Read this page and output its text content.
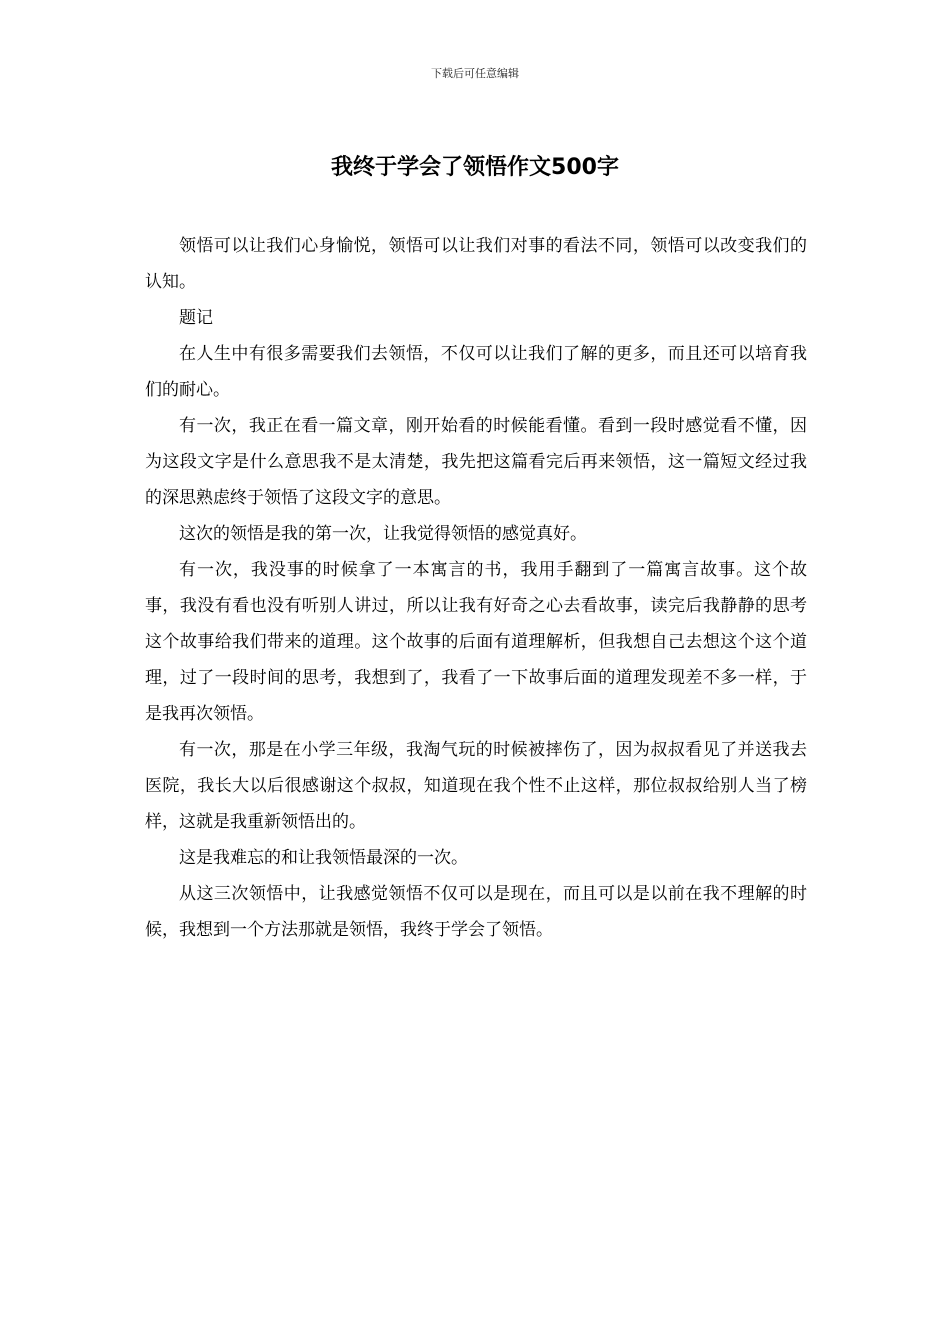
下载后可任意编辑
我终于学会了领悟作文500字

领悟可以让我们心身愉悦，领悟可以让我们对事的看法不同，领悟可以改变我们的认知。

题记

在人生中有很多需要我们去领悟，不仅可以让我们了解的更多，而且还可以培育我们的耐心。

有一次，我正在看一篇文章，刚开始看的时候能看懂。看到一段时感觉看不懂，因为这段文字是什么意思我不是太清楚，我先把这篇看完后再来领悟，这一篇短文经过我的深思熟虑终于领悟了这段文字的意思。

这次的领悟是我的第一次，让我觉得领悟的感觉真好。

有一次，我没事的时候拿了一本寓言的书，我用手翻到了一篇寓言故事。这个故事，我没有看也没有听别人讲过，所以让我有好奇之心去看故事，读完后我静静的思考这个故事给我们带来的道理。这个故事的后面有道理解析，但我想自己去想这个这个道理，过了一段时间的思考，我想到了，我看了一下故事后面的道理发现差不多一样，于是我再次领悟。

有一次，那是在小学三年级，我淘气玩的时候被摔伤了，因为叔叔看见了并送我去医院，我长大以后很感谢这个叔叔，知道现在我个性不止这样，那位叔叔给别人当了榜样，这就是我重新领悟出的。

这是我难忘的和让我领悟最深的一次。

从这三次领悟中，让我感觉领悟不仅可以是现在，而且可以是以前在我不理解的时候，我想到一个方法那就是领悟，我终于学会了领悟。
